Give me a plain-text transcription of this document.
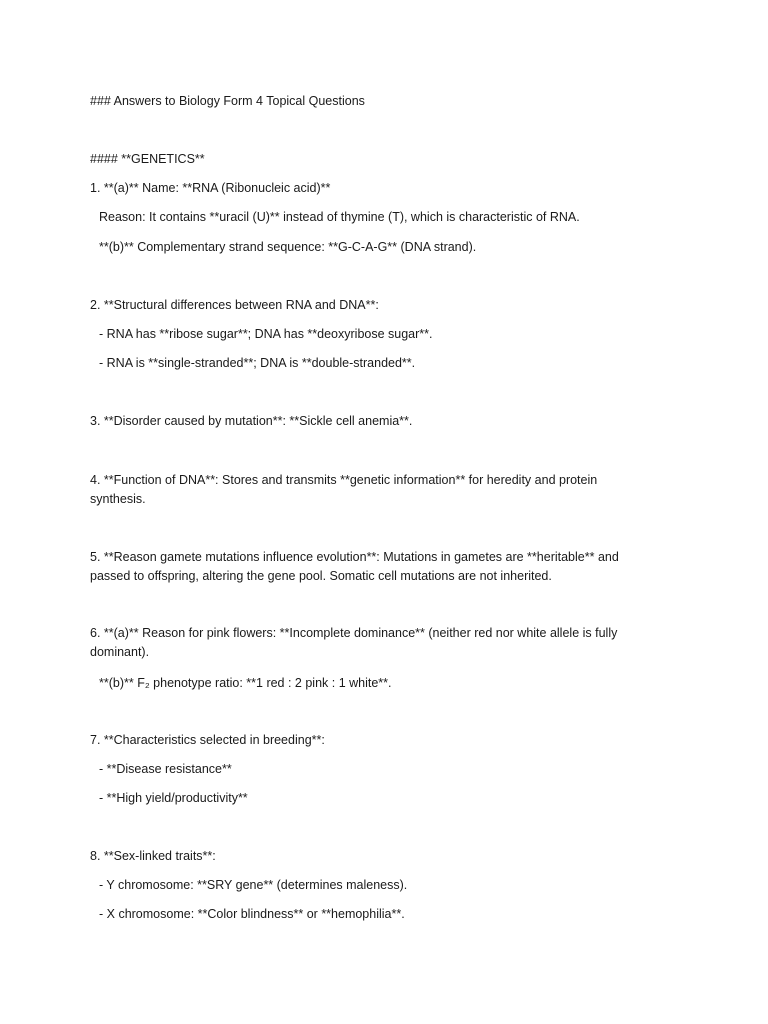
### Answers to Biology Form 4 Topical Questions
#### **GENETICS**
1. **(a)** Name: **RNA (Ribonucleic acid)**
Reason: It contains **uracil (U)** instead of thymine (T), which is characteristic of RNA.
**(b)** Complementary strand sequence: **G-C-A-G** (DNA strand).
2. **Structural differences between RNA and DNA**:
- RNA has **ribose sugar**; DNA has **deoxyribose sugar**.
- RNA is **single-stranded**; DNA is **double-stranded**.
3. **Disorder caused by mutation**: **Sickle cell anemia**.
4. **Function of DNA**: Stores and transmits **genetic information** for heredity and protein synthesis.
5. **Reason gamete mutations influence evolution**: Mutations in gametes are **heritable** and passed to offspring, altering the gene pool. Somatic cell mutations are not inherited.
6. **(a)** Reason for pink flowers: **Incomplete dominance** (neither red nor white allele is fully dominant).
**(b)** F₂ phenotype ratio: **1 red : 2 pink : 1 white**.
7. **Characteristics selected in breeding**:
- **Disease resistance**
- **High yield/productivity**
8. **Sex-linked traits**:
- Y chromosome: **SRY gene** (determines maleness).
- X chromosome: **Color blindness** or **hemophilia**.
